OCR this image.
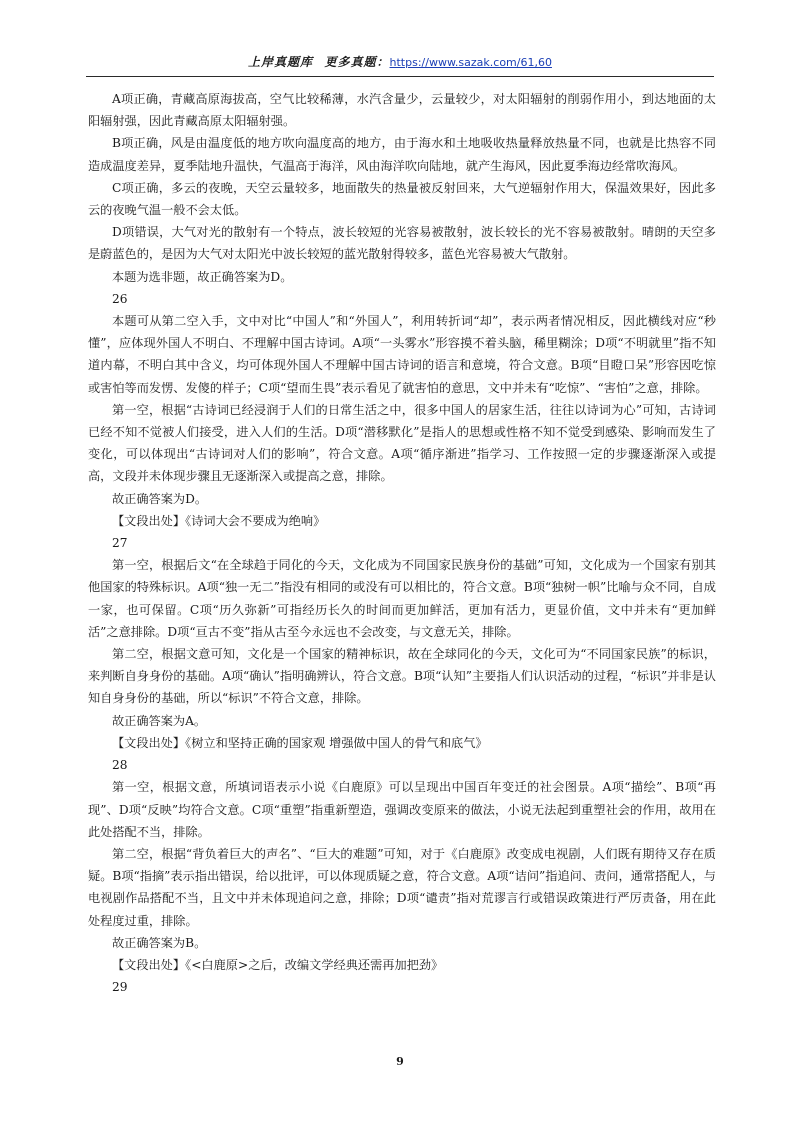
上岸真题库 更多真题：https://www.sazak.com/61,60

A项正确，青藏高原海拔高，空气比较稀薄，水汽含量少，云量较少，对太阳辐射的削弱作用小，到达地面的太阳辐射强，因此青藏高原太阳辐射强。

B项正确，风是由温度低的地方吹向温度高的地方，由于海水和土地吸收热量释放热量不同，也就是比热容不同造成温度差异，夏季陆地升温快，气温高于海洋，风由海洋吹向陆地，就产生海风，因此夏季海边经常吹海风。

C项正确，多云的夜晚，天空云量较多，地面散失的热量被反射回来，大气逆辐射作用大，保温效果好，因此多云的夜晚气温一般不会太低。

D项错误，大气对光的散射有一个特点，波长较短的光容易被散射，波长较长的光不容易被散射。晴朗的天空多是蔚蓝色的，是因为大气对太阳光中波长较短的蓝光散射得较多，蓝色光容易被大气散射。

本题为选非题，故正确答案为D。

26

本题可从第二空入手，文中对比“中国人”和“外国人”，利用转折词“却”，表示两者情况相反，因此横线对应“秒懂”，应体现外国人不明白、不理解中国古诗词。A项“一头雾水”形容摸不着头脑，稀里糊涂；D项“不明就里”指不知道内幕，不明白其中含义，均可体现外国人不理解中国古诗词的语言和意境，符合文意。B项“目瞪口呆”形容因吃惊或害怕等而发愣、发傻的样子；C项“望而生畏”表示看见了就害怕的意思，文中并未有“吃惊”、“害怕”之意，排除。

第一空，根据“古诗词已经浸润于人们的日常生活之中，很多中国人的居家生活，往往以诗词为心”可知，古诗词已经不知不觉被人们接受，进入人们的生活。D项“潜移默化”是指人的思想或性格不知不觉受到感染、影响而发生了变化，可以体现出“古诗词对人们的影响”，符合文意。A项“循序渐进”指学习、工作按照一定的步骤逐渐深入或提高，文段并未体现步骤且无逐渐深入或提高之意，排除。

故正确答案为D。

【文段出处】《诗词大会不要成为绝响》

27

第一空，根据后文“在全球趋于同化的今天，文化成为不同国家民族身份的基础”可知，文化成为一个国家有别其他国家的特殊标识。A项“独一无二”指没有相同的或没有可以相比的，符合文意。B项“独树一帜”比喻与众不同，自成一家，也可保留。C项“历久弥新”可指经历长久的时间而更加鲜活，更加有活力，更显价值，文中并未有“更加鲜活”之意排除。D项“亘古不变”指从古至今永远也不会改变，与文意无关，排除。

第二空，根据文意可知，文化是一个国家的精神标识，故在全球同化的今天，文化可为“不同国家民族”的标识，来判断自身身份的基础。A项“确认”指明确辨认，符合文意。B项“认知”主要指人们认识活动的过程，“标识”并非是认知自身身份的基础，所以“标识”不符合文意，排除。

故正确答案为A。

【文段出处】《树立和坚持正确的国家观 增强做中国人的骨气和底气》

28

第一空，根据文意，所填词语表示小说《白鹿原》可以呈现出中国百年变迁的社会图景。A项“描绘”、B项“再现”、D项“反映”均符合文意。C项“重塑”指重新塑造，强调改变原来的做法，小说无法起到重塑社会的作用，故用在此处搭配不当，排除。

第二空，根据“背负着巨大的声名”、“巨大的难题”可知，对于《白鹿原》改变成电视剧，人们既有期待又存在质疑。B项“指摘”表示指出错误，给以批评，可以体现质疑之意，符合文意。A项“诘问”指追问、责问，通常搭配人，与电视剧作品搭配不当，且文中并未体现追问之意，排除；D项“谴责”指对荒谬言行或错误政策进行严厉责备，用在此处程度过重，排除。

故正确答案为B。

【文段出处】《<白鹿原>之后，改编文学经典还需再加把劲》

29

9
